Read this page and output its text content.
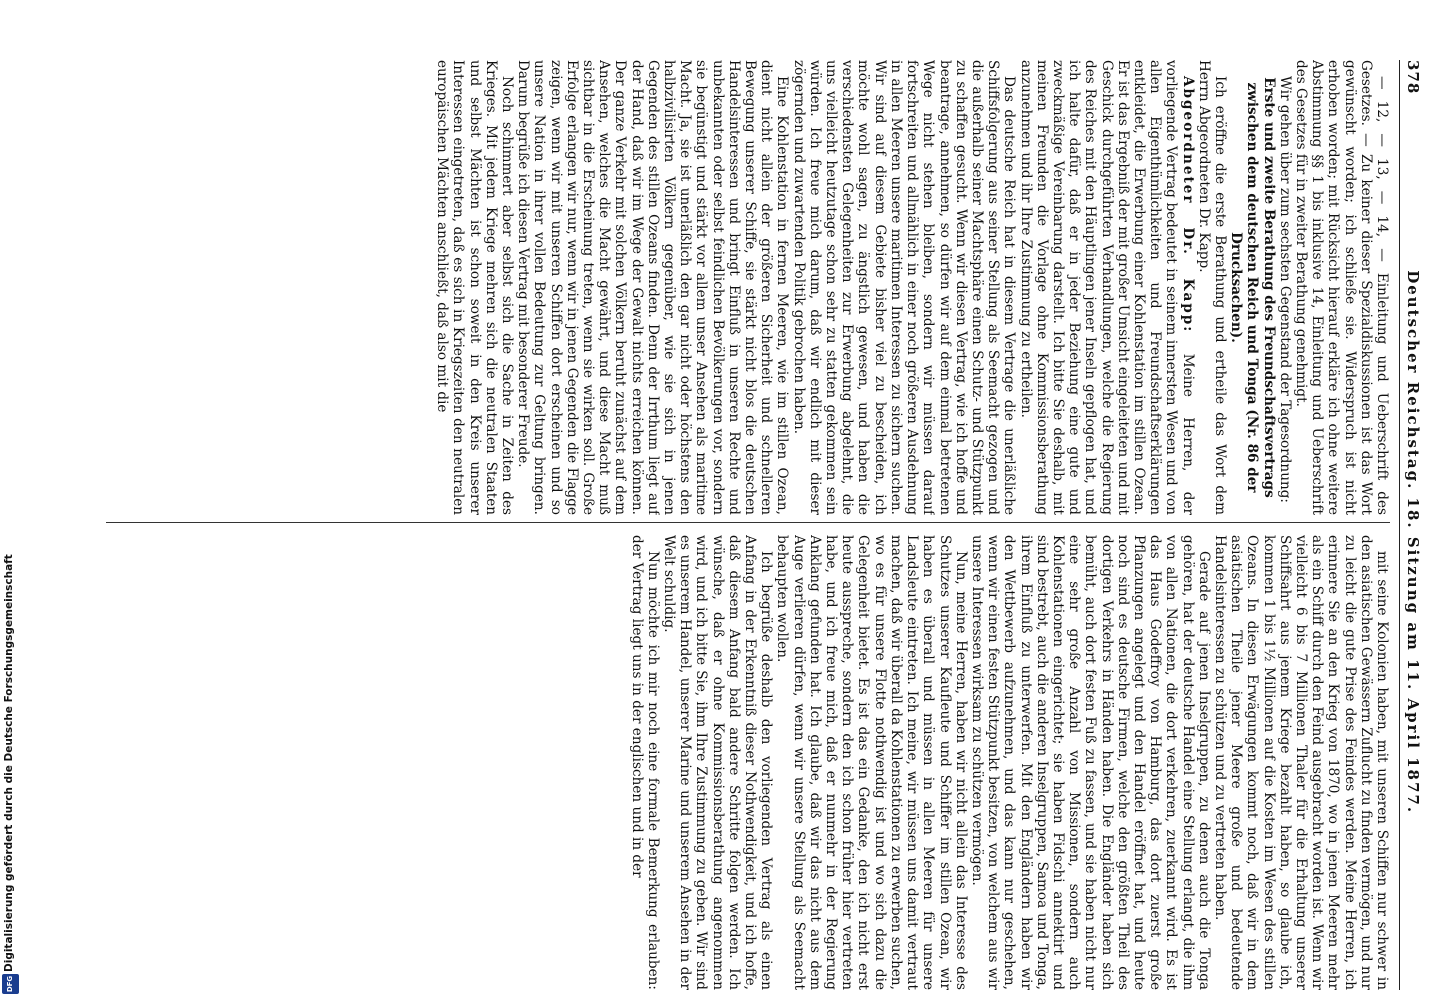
Digitalisierung gefördert durch die Deutsche Forschungsgemeinschaft
DFG
378
Deutscher Reichstag. 18. Sitzung am 11. April 1877.

— 12, — 13, — 14, — Einleitung und Ueberschrift des Gesetzes. — Zu keiner dieser Spezialdiskussionen ist das Wort gewünscht worden; ich schließe sie. Widerspruch ist nicht erhoben worden; mit Rücksicht hierauf erkläre ich ohne weitere Abstimmung §§ 1 bis inklusive 14, Einleitung und Ueberschrift des Gesetzes für in zweiter Berathung genehmigt.

Wir gehen über zum sechsten Gegenstand der Tagesordnung:

Erste und zweite Berathung des Freundschaftsvertrags zwischen dem deutschen Reich und Tonga (Nr. 86 der Drucksachen).

Ich eröffne die erste Berathung und ertheile das Wort dem Herrn Abgeordneten Dr. Kapp.

Abgeordneter Dr. Kapp: Meine Herren, der vorliegende Vertrag bedeutet in seinem innersten Wesen und von allen Eigenthümlichkeiten und Freundschaftserklärungen entkleidet, die Erwerbung einer Kohlenstation im stillen Ozean. Er ist das Ergebniß der mit großer Umsicht eingeleiteten und mit Geschick durchgeführten Verhandlungen, welche die Regierung des Reiches mit den Häuptlingen jener Inseln gepflogen hat, und ich halte dafür, daß er in jeder Beziehung eine gute und zweckmäßige Vereinbarung darstellt. Ich bitte Sie deshalb, mit meinen Freunden die Vorlage ohne Kommissionsberathung anzunehmen und ihr Ihre Zustimmung zu ertheilen.

Das deutsche Reich hat in diesem Vertrage die unerläßliche Schiffsfolgerung aus seiner Stellung als Seemacht gezogen und die außerhalb seiner Machtsphäre einen Schutz- und Stützpunkt zu schaffen gesucht. Wenn wir diesen Vertrag, wie ich hoffe und beantrage, annehmen, so dürfen wir auf dem einmal betretenen Wege nicht stehen bleiben, sondern wir müssen darauf fortschreiten und allmählich in einer noch größeren Ausdehnung in allen Meeren unsere maritimen Interessen zu sichern suchen. Wir sind auf diesem Gebiete bisher viel zu bescheiden, ich möchte wohl sagen, zu ängstlich gewesen, und haben die verschiedensten Gelegenheiten zur Erwerbung abgelehnt, die uns vielleicht heutzutage schon sehr zu statten gekommen sein würden. Ich freue mich darum, daß wir endlich mit dieser zögernden und zuwartenden Politik gebrochen haben.

Eine Kohlenstation in fernen Meeren, wie im stillen Ozean, dient nicht allein der größeren Sicherheit und schnelleren Bewegung unserer Schiffe, sie stärkt nicht blos die deutschen Handelsinteressen und bringt Einfluß in unseren Rechte und unbekannten oder selbst feindlichen Bevölkerungen vor, sondern sie begünstigt und stärkt vor allem unser Ansehen als maritime Macht. Ja, sie ist unerläßlich den gar nicht oder höchstens den halbzivilisirten Völkern gegenüber, wie sie sich in jenen Gegenden des stillen Ozeans finden. Denn der Irrthum liegt auf der Hand, daß wir im Wege der Gewalt nichts erreichen können. Der ganze Verkehr mit solchen Völkern beruht zunächst auf dem Ansehen, welches die Macht gewährt, und diese Macht muß sichtbar in die Erscheinung treten, wenn sie wirken soll. Große Erfolge erlangen wir nur, wenn wir in jenen Gegenden die Flagge zeigen, wenn wir mit unseren Schiffen dort erscheinen und so unsere Nation in ihrer vollen Bedeutung zur Geltung bringen. Darum begrüße ich diesen Vertrag mit besonderer Freude.

Noch schimmert aber selbst sich die Sache in Zeiten des Krieges. Mit jedem Kriege mehren sich die neutralen Staaten und selbst Mächten ist schon soweit in den Kreis unserer Interessen eingetreten, daß es sich in Kriegszeiten den neutralen europäischen Mächten anschließt, daß also mit die

mit seine Kolonien haben, mit unseren Schiffen nur schwer in den asiatischen Gewässern Zuflucht zu finden vermögen, und nur zu leicht die gute Prise des Feindes werden. Meine Herren, ich erinnere Sie an den Krieg von 1870, wo in jenen Meeren mehr als ein Schiff durch den Feind ausgebracht worden ist. Wenn wir vielleicht 6 bis 7 Millionen Thaler für die Erhaltung unserer Schiffsahrt aus jenem Kriege bezahlt haben, so glaube ich, kommen 1 bis 1½ Millionen auf die Kosten im Wesen des stillen Ozeans. In diesen Erwägungen kommt noch, daß wir in dem asiatischen Theile jener Meere große und bedeutende Handelsinteressen zu schützen und zu vertreten haben.

Gerade auf jenen Inselgruppen, zu denen auch die Tonga gehören, hat der deutsche Handel eine Stellung erlangt, die ihm von allen Nationen, die dort verkehren, zuerkannt wird. Es ist das Haus Godeffroy von Hamburg, das dort zuerst große Pflanzungen angelegt und den Handel eröffnet hat, und heute noch sind es deutsche Firmen, welche den größten Theil des dortigen Verkehrs in Händen haben. Die Engländer haben sich bemüht, auch dort festen Fuß zu fassen, und sie haben nicht nur eine sehr große Anzahl von Missionen, sondern auch Kohlenstationen eingerichtet; sie haben Fidschi annektirt und sind bestrebt, auch die anderen Inselgruppen, Samoa und Tonga, ihrem Einfluß zu unterwerfen. Mit den Engländern haben wir den Wettbewerb aufzunehmen, und das kann nur geschehen, wenn wir einen festen Stützpunkt besitzen, von welchem aus wir unsere Interessen wirksam zu schützen vermögen.

Nun, meine Herren, haben wir nicht allein das Interesse des Schutzes unserer Kaufleute und Schiffer im stillen Ozean, wir haben es überall und müssen in allen Meeren für unsere Landsleute eintreten. Ich meine, wir müssen uns damit vertraut machen, daß wir überall da Kohlenstationen zu erwerben suchen, wo es für unsere Flotte nothwendig ist und wo sich dazu die Gelegenheit bietet. Es ist das ein Gedanke, den ich nicht erst heute ausspreche, sondern den ich schon früher hier vertreten habe, und ich freue mich, daß er nunmehr in der Regierung Anklang gefunden hat. Ich glaube, daß wir das nicht aus dem Auge verlieren dürfen, wenn wir unsere Stellung als Seemacht behaupten wollen.

Ich begrüße deshalb den vorliegenden Vertrag als einen Anfang in der Erkenntniß dieser Nothwendigkeit, und ich hoffe, daß diesem Anfang bald andere Schritte folgen werden. Ich wünsche, daß er ohne Kommissionsberathung angenommen wird, und ich bitte Sie, ihm Ihre Zustimmung zu geben. Wir sind es unserem Handel, unserer Marine und unserem Ansehen in der Welt schuldig.

Nun möchte ich mir noch eine formale Bemerkung erlauben: der Vertrag liegt uns in der englischen und in der
